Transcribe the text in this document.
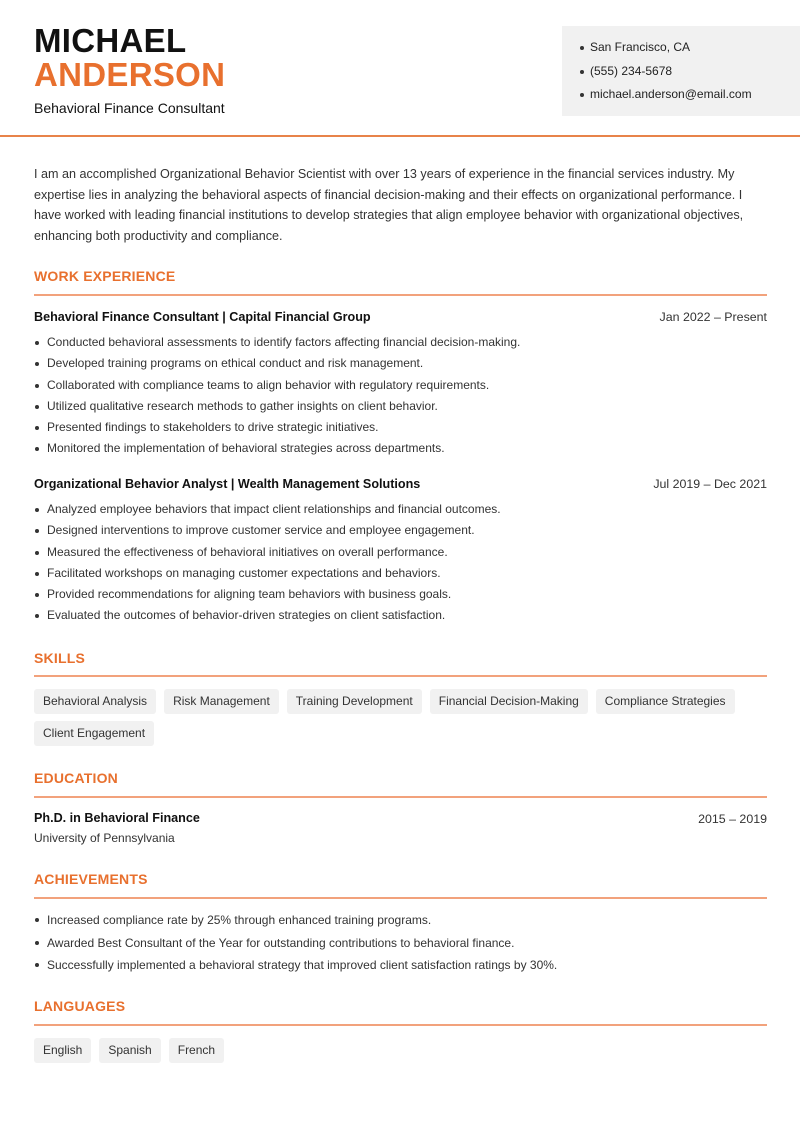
MICHAEL
ANDERSON
Behavioral Finance Consultant
San Francisco, CA
(555) 234-5678
michael.anderson@email.com
I am an accomplished Organizational Behavior Scientist with over 13 years of experience in the financial services industry. My expertise lies in analyzing the behavioral aspects of financial decision-making and their effects on organizational performance. I have worked with leading financial institutions to develop strategies that align employee behavior with organizational objectives, enhancing both productivity and compliance.
WORK EXPERIENCE
Behavioral Finance Consultant | Capital Financial Group	Jan 2022 – Present
Conducted behavioral assessments to identify factors affecting financial decision-making.
Developed training programs on ethical conduct and risk management.
Collaborated with compliance teams to align behavior with regulatory requirements.
Utilized qualitative research methods to gather insights on client behavior.
Presented findings to stakeholders to drive strategic initiatives.
Monitored the implementation of behavioral strategies across departments.
Organizational Behavior Analyst | Wealth Management Solutions	Jul 2019 – Dec 2021
Analyzed employee behaviors that impact client relationships and financial outcomes.
Designed interventions to improve customer service and employee engagement.
Measured the effectiveness of behavioral initiatives on overall performance.
Facilitated workshops on managing customer expectations and behaviors.
Provided recommendations for aligning team behaviors with business goals.
Evaluated the outcomes of behavior-driven strategies on client satisfaction.
SKILLS
Behavioral Analysis	Risk Management	Training Development	Financial Decision-Making	Compliance Strategies
Client Engagement
EDUCATION
Ph.D. in Behavioral Finance	2015 – 2019
University of Pennsylvania
ACHIEVEMENTS
Increased compliance rate by 25% through enhanced training programs.
Awarded Best Consultant of the Year for outstanding contributions to behavioral finance.
Successfully implemented a behavioral strategy that improved client satisfaction ratings by 30%.
LANGUAGES
English	Spanish	French
